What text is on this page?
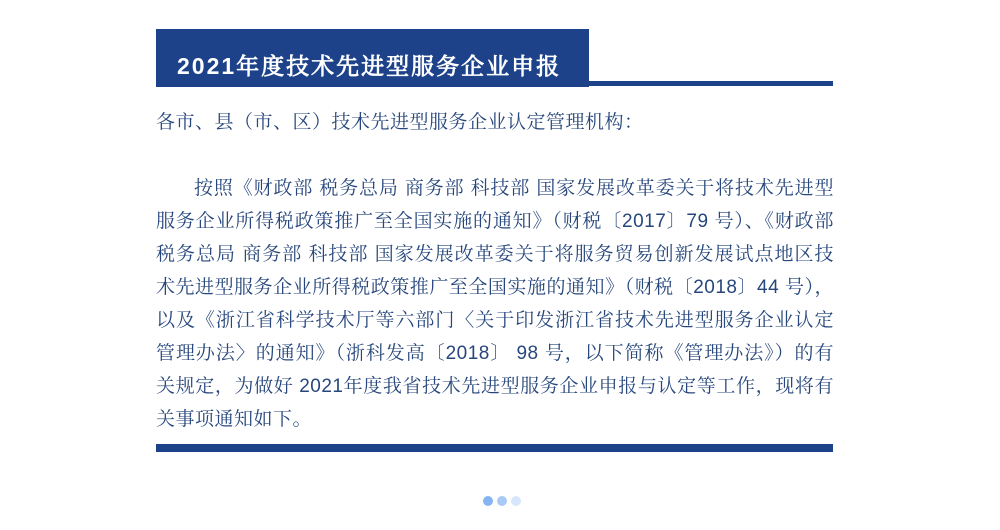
2021年度技术先进型服务企业申报

各市、县（市、区）技术先进型服务企业认定管理机构：

按照《财政部 税务总局 商务部 科技部 国家发展改革委关于将技术先进型服务企业所得税政策推广至全国实施的通知》（财税〔2017〕79 号）、《财政部 税务总局 商务部 科技部 国家发展改革委关于将服务贸易创新发展试点地区技术先进型服务企业所得税政策推广至全国实施的通知》（财税〔2018〕44 号），以及《浙江省科学技术厅等六部门〈关于印发浙江省技术先进型服务企业认定管理办法〉的通知》（浙科发高〔2018〕 98 号，以下简称《管理办法》）的有关规定，为做好 2021年度我省技术先进型服务企业申报与认定等工作，现将有关事项通知如下。
